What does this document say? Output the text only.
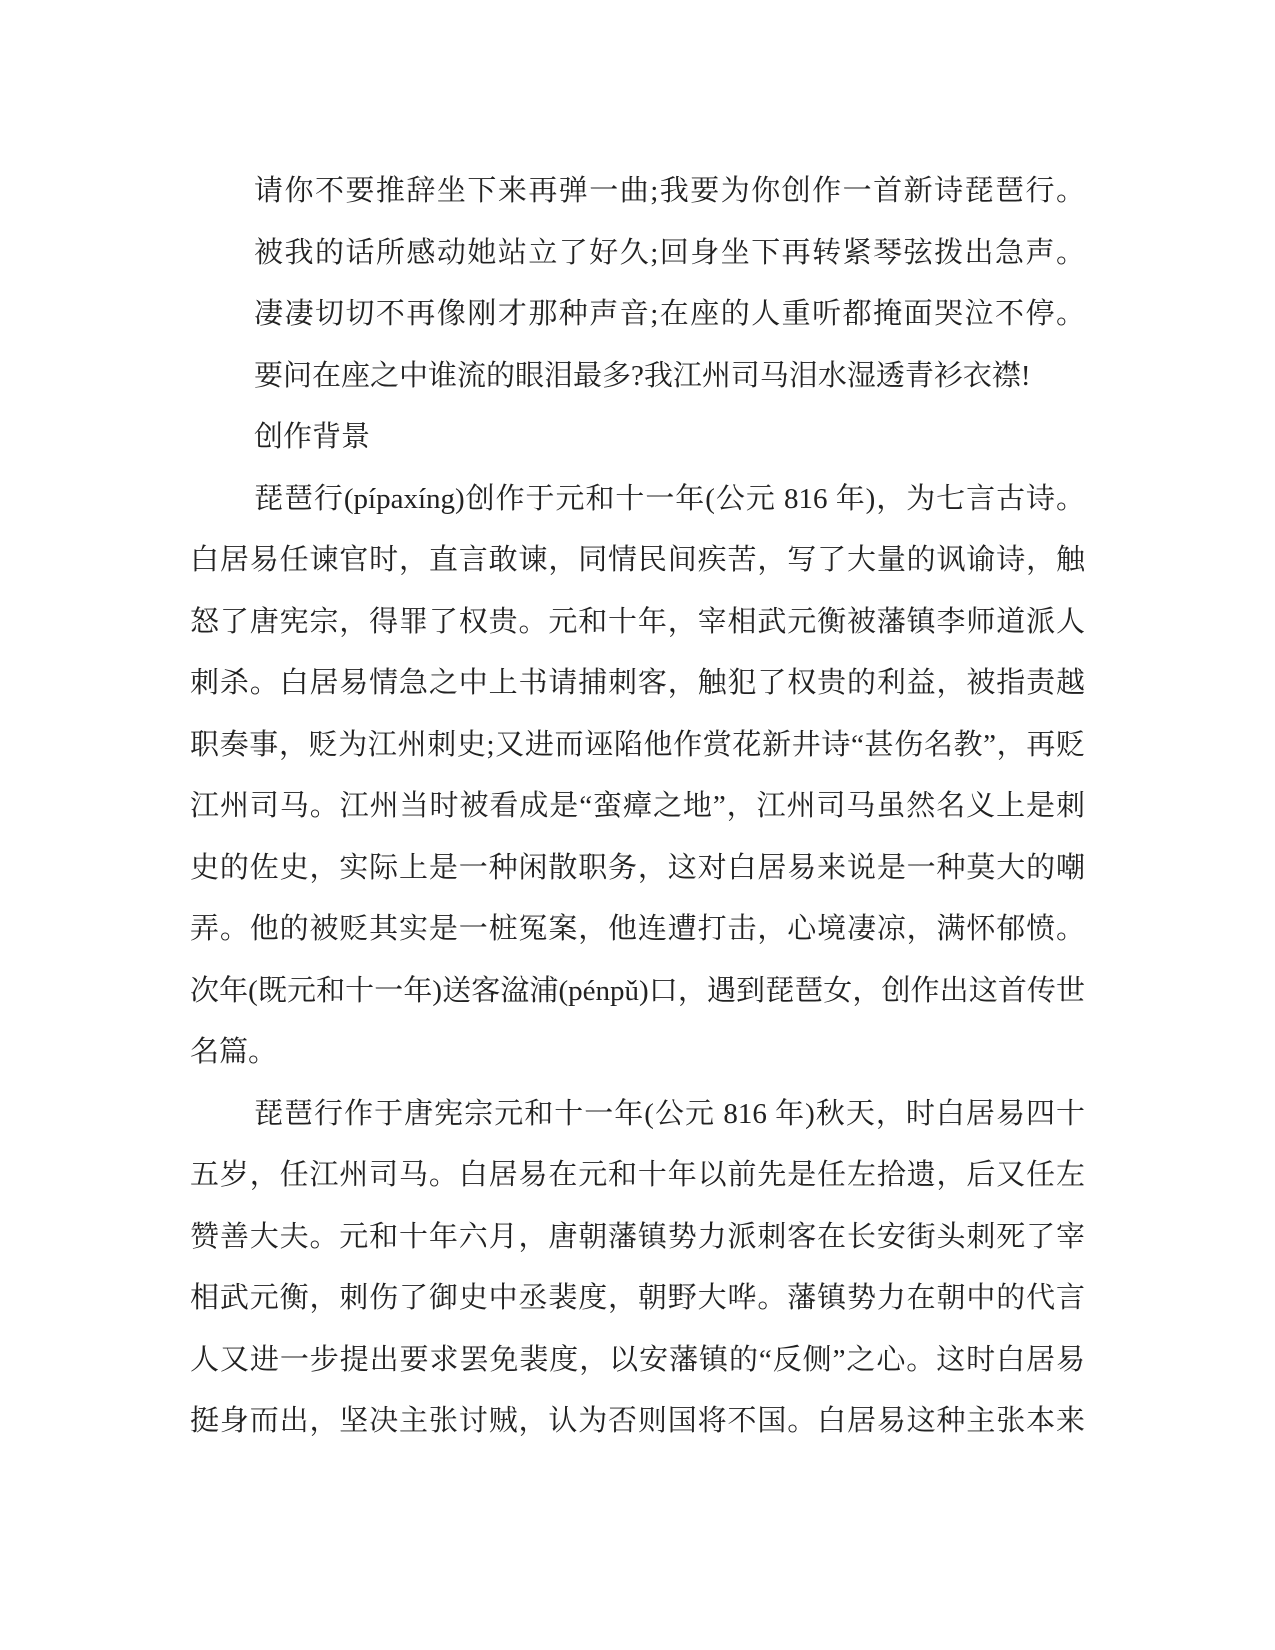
请你不要推辞坐下来再弹一曲;我要为你创作一首新诗琵琶行。
被我的话所感动她站立了好久;回身坐下再转紧琴弦拨出急声。
凄凄切切不再像刚才那种声音;在座的人重听都掩面哭泣不停。
要问在座之中谁流的眼泪最多?我江州司马泪水湿透青衫衣襟!
创作背景
琵琶行(pípaxíng)创作于元和十一年(公元 816 年)，为七言古诗。
白居易任谏官时，直言敢谏，同情民间疾苦，写了大量的讽谕诗，触
怒了唐宪宗，得罪了权贵。元和十年，宰相武元衡被藩镇李师道派人
刺杀。白居易情急之中上书请捕刺客，触犯了权贵的利益，被指责越
职奏事，贬为江州刺史;又进而诬陷他作赏花新井诗“甚伤名教”，再贬
江州司马。江州当时被看成是“蛮瘴之地”，江州司马虽然名义上是刺
史的佐史，实际上是一种闲散职务，这对白居易来说是一种莫大的嘲
弄。他的被贬其实是一桩冤案，他连遭打击，心境凄凉，满怀郁愤。
次年(既元和十一年)送客湓浦(pénpǔ)口，遇到琵琶女，创作出这首传世
名篇。
琵琶行作于唐宪宗元和十一年(公元 816 年)秋天，时白居易四十
五岁，任江州司马。白居易在元和十年以前先是任左拾遗，后又任左
赞善大夫。元和十年六月，唐朝藩镇势力派刺客在长安街头刺死了宰
相武元衡，刺伤了御史中丞裴度，朝野大哗。藩镇势力在朝中的代言
人又进一步提出要求罢免裴度，以安藩镇的“反侧”之心。这时白居易
挺身而出，坚决主张讨贼，认为否则国将不国。白居易这种主张本来
